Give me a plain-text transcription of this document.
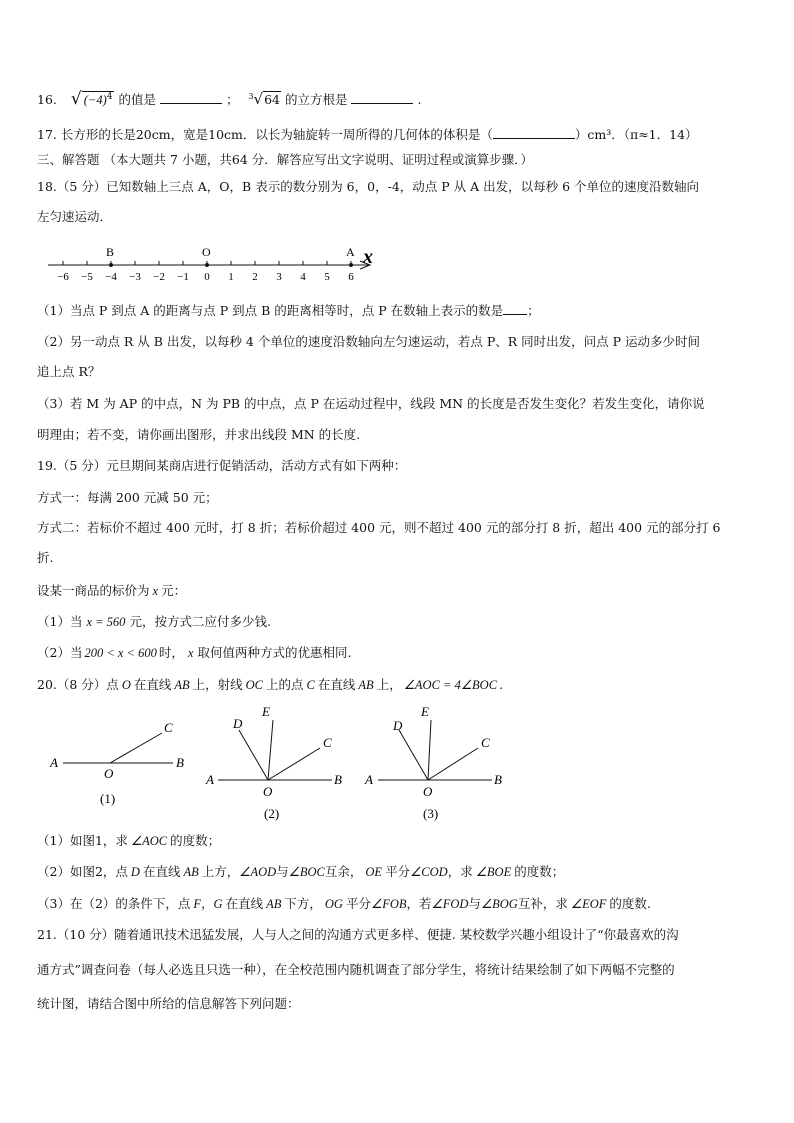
16. √ $(-4)^4$ 的值是	； $^3$√64 的立方根是	.
17. 长方形的长是20cm，宽是10cm．以长为轴旋转一周所得的几何体的体积是（	）cm³．（π≈1．14）
三、解答题 （本大题共 7 小题，共64 分．解答应写出文字说明、证明过程或演算步骤．）
18.（5 分）已知数轴上三点 A，O，B 表示的数分别为 6，0，-4，动点 P 从 A 出发，以每秒 6 个单位的速度沿数轴向
左匀速运动．
−6 −5 −4 −3 −2 −1 0 1 2 3 4 5 6
B	O	A x
（1）当点 P 到点 A 的距离与点 P 到点 B 的距离相等时，点 P 在数轴上表示的数是 ；
（2）另一动点 R 从 B 出发，以每秒 4 个单位的速度沿数轴向左匀速运动，若点 P、R 同时出发，问点 P 运动多少时间
追上点 R？
（3）若 M 为 AP 的中点，N 为 PB 的中点，点 P 在运动过程中，线段 MN 的长度是否发生变化？若发生变化，请你说
明理由；若不变，请你画出图形，并求出线段 MN 的长度.
19.（5 分）元旦期间某商店进行促销活动，活动方式有如下两种：
方式一：每满 200 元减 50 元；
方式二：若标价不超过 400 元时，打 8 折；若标价超过 400 元，则不超过 400 元的部分打 8 折，超出 400 元的部分打 6
折.
设某一商品的标价为 x 元：
（1）当 x = 560 元，按方式二应付多少钱.
（2）当 200 < x < 600 时， x 取何值两种方式的优惠相同.
20.（8 分）点 O 在直线 AB 上，射线 OC 上的点 C 在直线 AB 上， ∠AOC = 4∠BOC .
A
O
B
C
(1)
A
O
B
C
D
E
(2)
A
O
B
C
D
E
(3)
（1）如图1，求 ∠AOC 的度数；
（2）如图2，点 D 在直线 AB 上方，∠AOD与∠BOC互余， OE 平分∠COD，求 ∠BOE 的度数；
（3）在（2）的条件下，点 F，G 在直线 AB 下方， OG 平分∠FOB，若∠FOD与∠BOG互补，求 ∠EOF 的度数.
21.（10 分）随着通讯技术迅猛发展，人与人之间的沟通方式更多样、便捷. 某校数学兴趣小组设计了“你最喜欢的沟
通方式”调查问卷（每人必选且只选一种），在全校范围内随机调查了部分学生，将统计结果绘制了如下两幅不完整的
统计图，请结合图中所给的信息解答下列问题：
